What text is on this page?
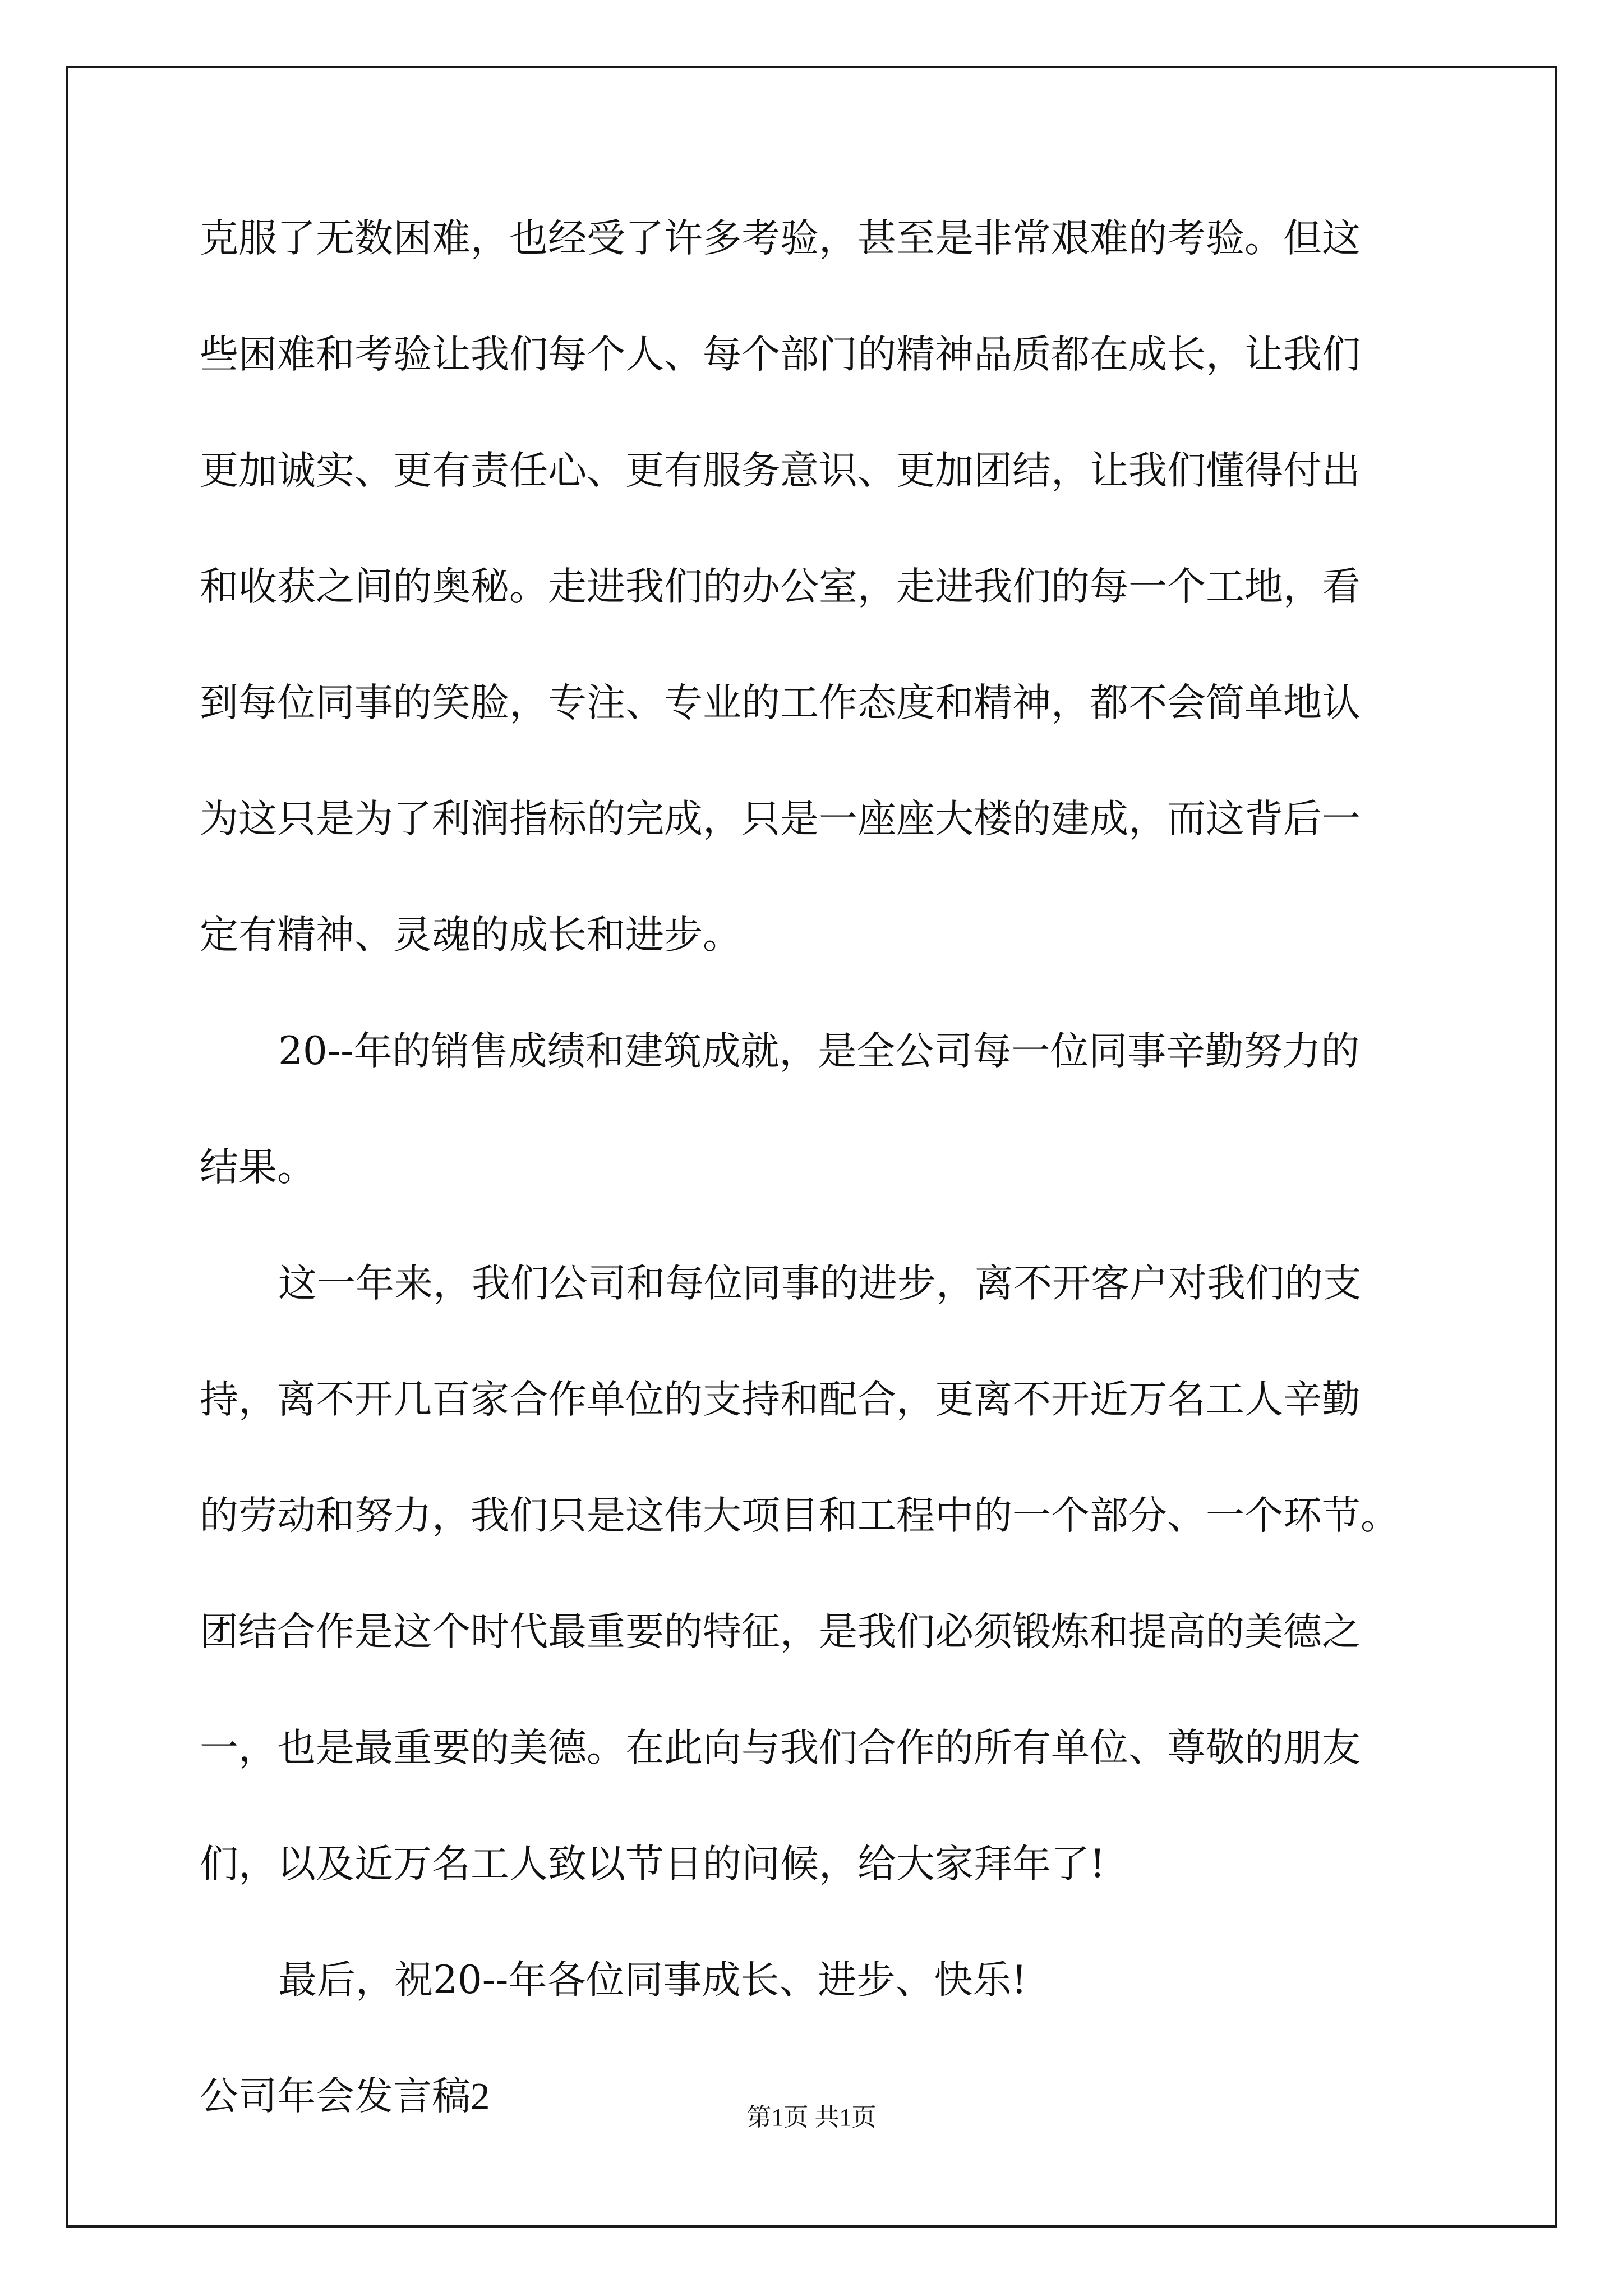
克服了无数困难，也经受了许多考验，甚至是非常艰难的考验。但这
些困难和考验让我们每个人、每个部门的精神品质都在成长，让我们
更加诚实、更有责任心、更有服务意识、更加团结，让我们懂得付出
和收获之间的奥秘。走进我们的办公室，走进我们的每一个工地，看
到每位同事的笑脸，专注、专业的工作态度和精神，都不会简单地认
为这只是为了利润指标的完成，只是一座座大楼的建成，而这背后一
定有精神、灵魂的成长和进步。
20--年的销售成绩和建筑成就，是全公司每一位同事辛勤努力的
结果。
这一年来，我们公司和每位同事的进步，离不开客户对我们的支
持，离不开几百家合作单位的支持和配合，更离不开近万名工人辛勤
的劳动和努力，我们只是这伟大项目和工程中的一个部分、一个环节。
团结合作是这个时代最重要的特征，是我们必须锻炼和提高的美德之
一，也是最重要的美德。在此向与我们合作的所有单位、尊敬的朋友
们，以及近万名工人致以节日的问候，给大家拜年了!
最后，祝20--年各位同事成长、进步、快乐!
公司年会发言稿2	第1页 共1页
